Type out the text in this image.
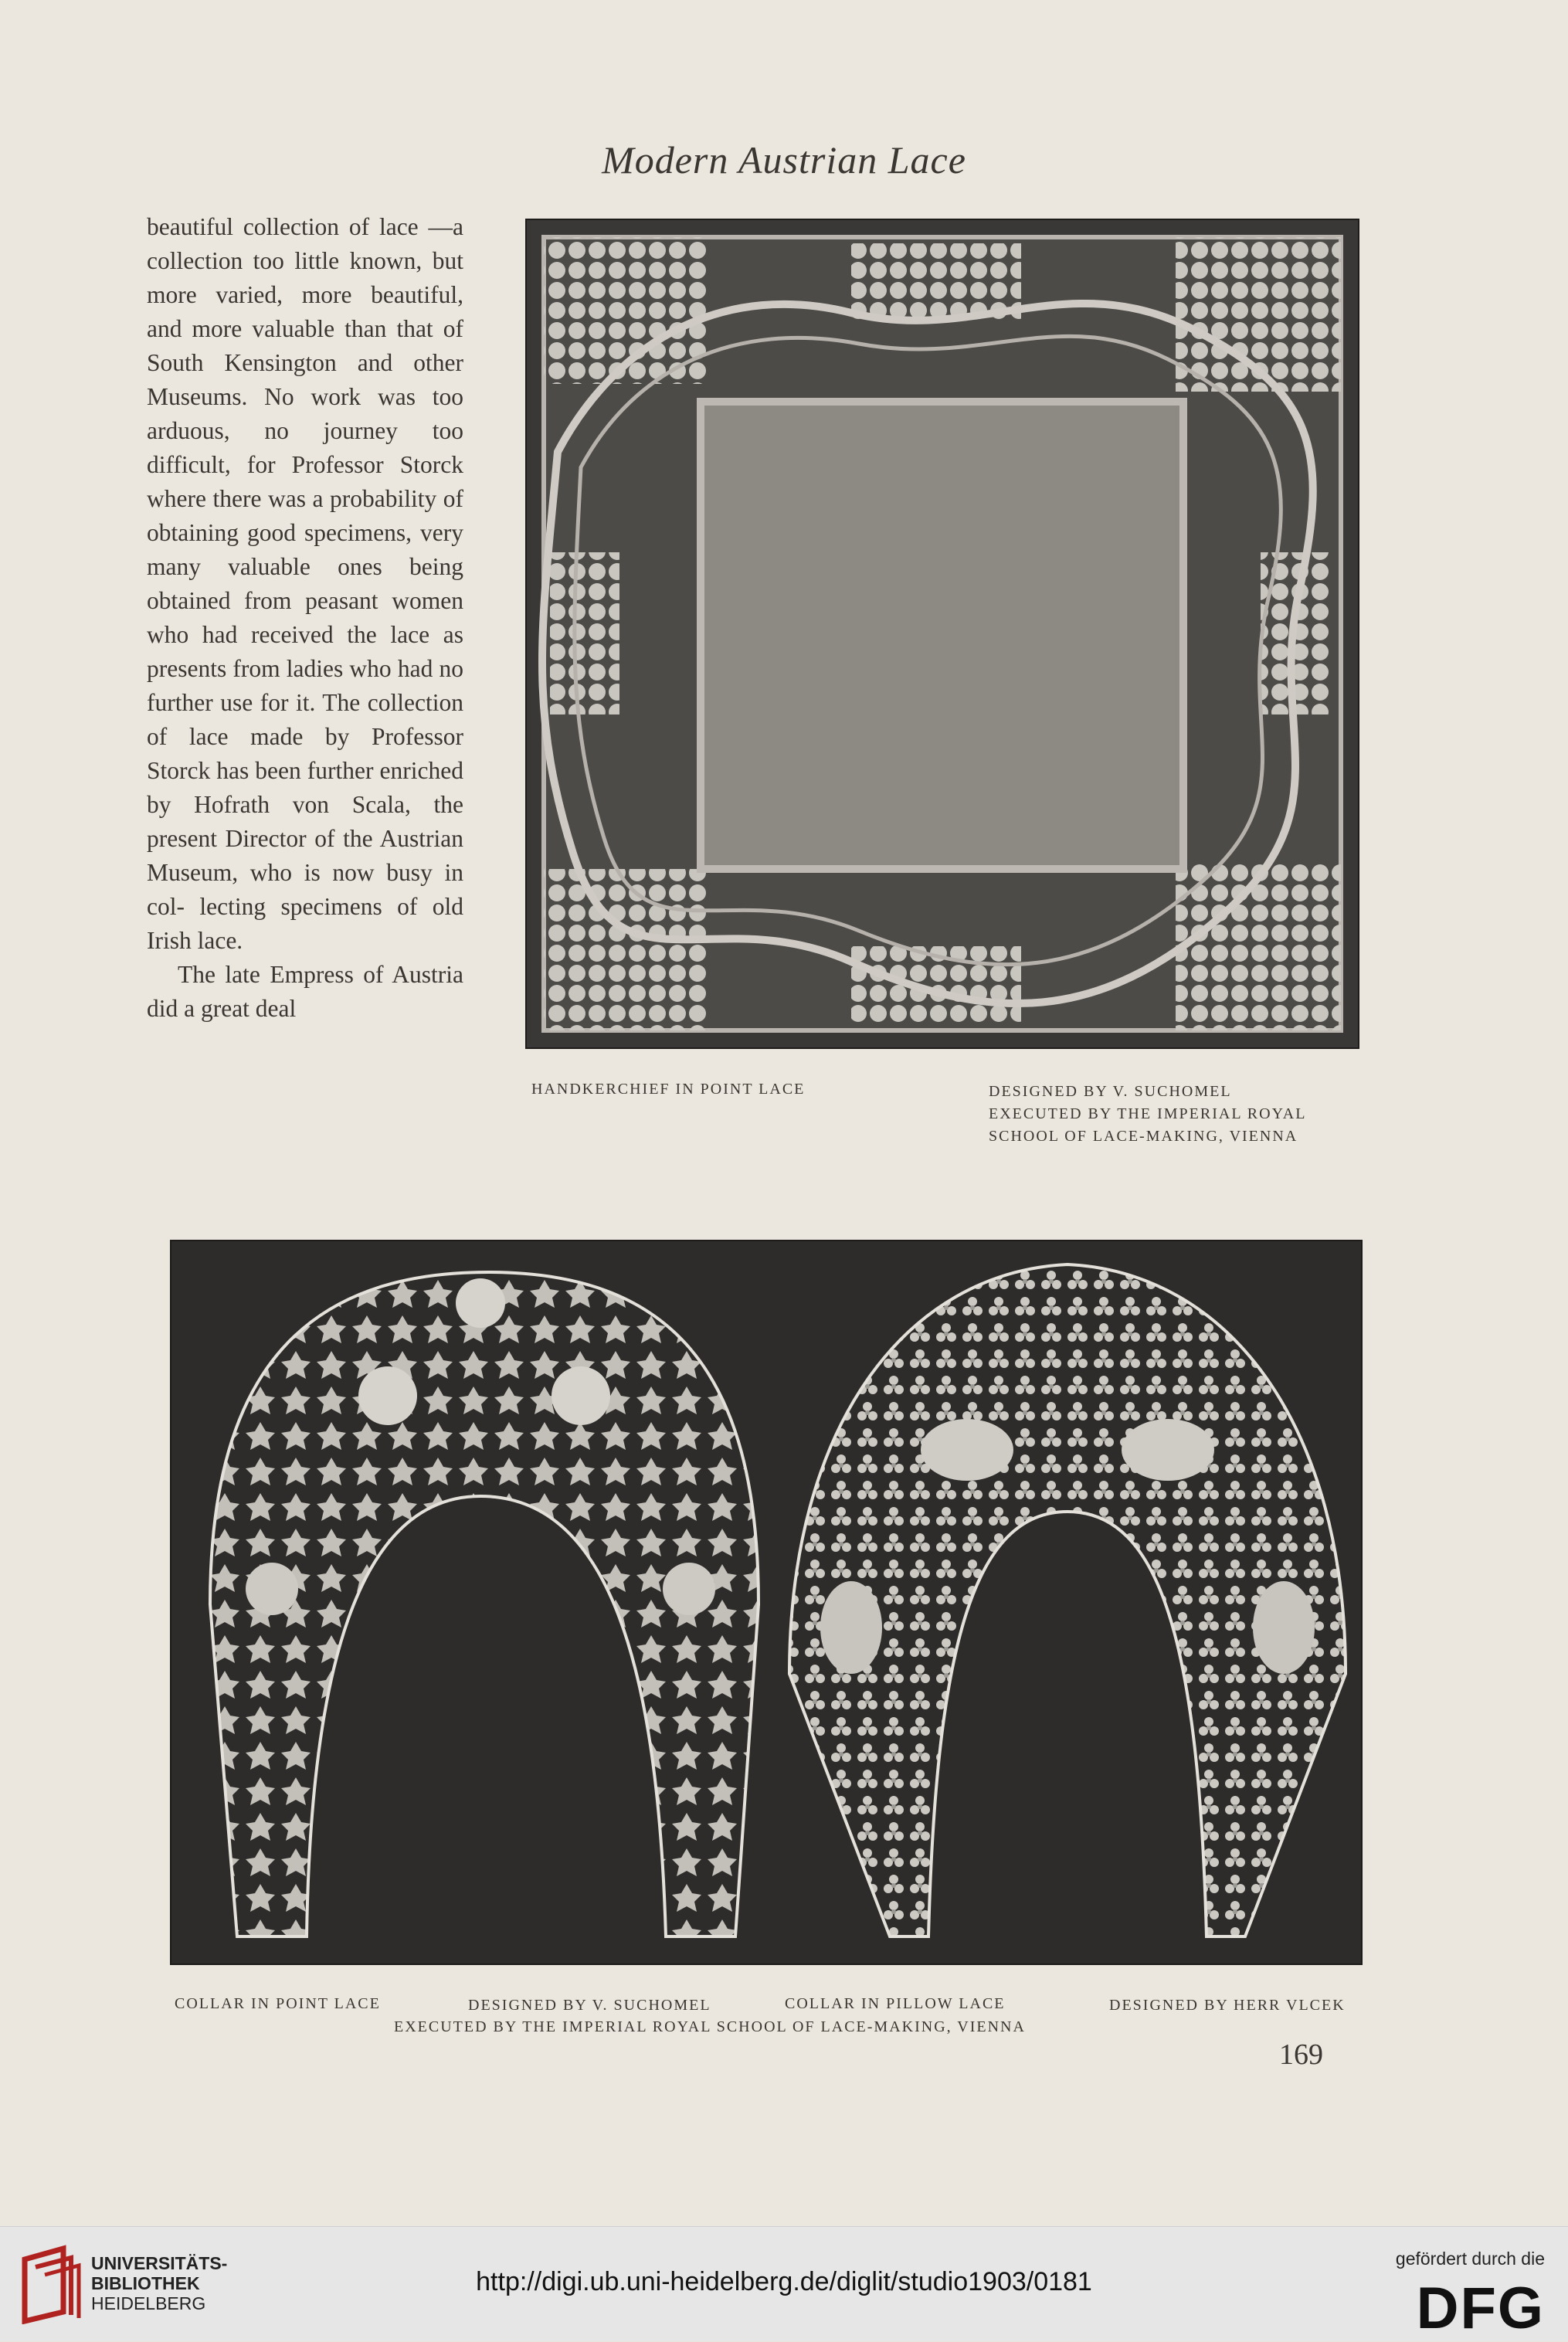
Modern Austrian Lace

beautiful collection of lace —a collection too little known, but more varied, more beautiful, and more valuable than that of South Kensington and other Museums. No work was too arduous, no journey too difficult, for Professor Storck where there was a probability of obtaining good specimens, very many valuable ones being obtained from peasant women who had received the lace as presents from ladies who had no further use for it. The collection of lace made by Professor Storck has been further enriched by Hofrath von Scala, the present Director of the Austrian Museum, who is now busy in col- lecting specimens of old Irish lace.

The late Empress of Austria did a great deal

HANDKERCHIEF IN POINT LACE	DESIGNED BY V. SUCHOMEL
EXECUTED BY THE IMPERIAL ROYAL
SCHOOL OF LACE-MAKING, VIENNA
COLLAR IN POINT LACE	DESIGNED BY V. SUCHOMEL	COLLAR IN PILLOW LACE	DESIGNED BY HERR VLCEK
EXECUTED BY THE IMPERIAL ROYAL SCHOOL OF LACE-MAKING, VIENNA
169
UNIVERSITÄTS-
BIBLIOTHEK
HEIDELBERG
http://digi.ub.uni-heidelberg.de/diglit/studio1903/0181
gefördert durch die
DFG
